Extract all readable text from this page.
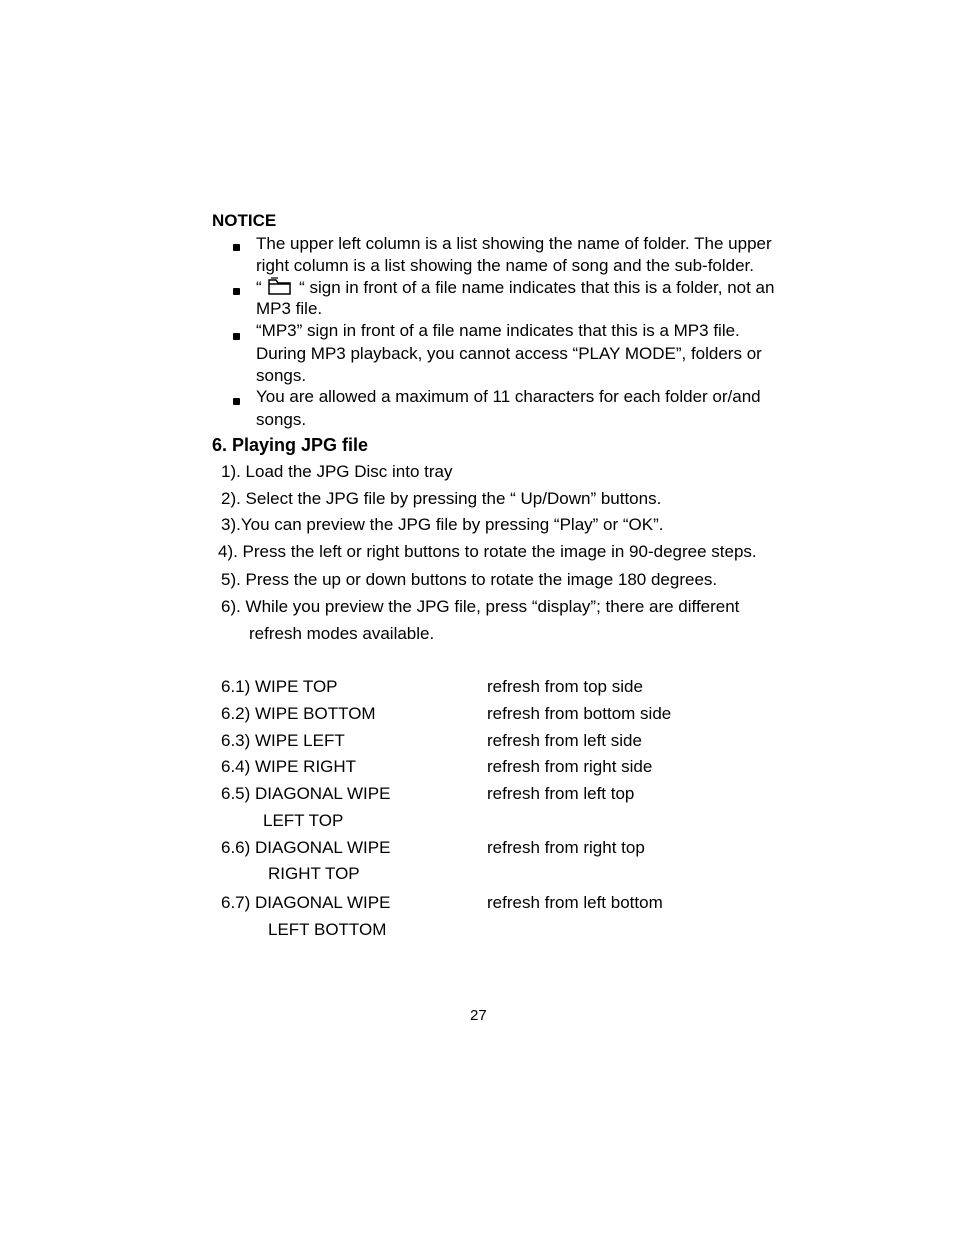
NOTICE
The upper left column is a list showing the name of folder. The upper
right column is a list showing the name of song and the sub-folder.
“ “ sign in front of a file name indicates that this is a folder, not an
MP3 file.
“MP3” sign in front of a file name indicates that this is a MP3 file.
During MP3 playback, you cannot access “PLAY MODE”, folders or
songs.
You are allowed a maximum of 11 characters for each folder or/and
songs.
6. Playing JPG file
1). Load the JPG Disc into tray
2). Select the JPG file by pressing the “ Up/Down” buttons.
3).You can preview the JPG file by pressing “Play” or “OK”.
4). Press the left or right buttons to rotate the image in 90-degree steps.
5). Press the up or down buttons to rotate the image 180 degrees.
6). While you preview the JPG file, press “display”; there are different
refresh modes available.
6.1) WIPE TOP	refresh from top side
6.2) WIPE BOTTOM	refresh from bottom side
6.3) WIPE LEFT	refresh from left side
6.4) WIPE RIGHT	refresh from right side
6.5) DIAGONAL WIPE	refresh from left top
LEFT TOP
6.6) DIAGONAL WIPE	refresh from right top
RIGHT TOP
6.7) DIAGONAL WIPE	refresh from left bottom
LEFT BOTTOM
27
